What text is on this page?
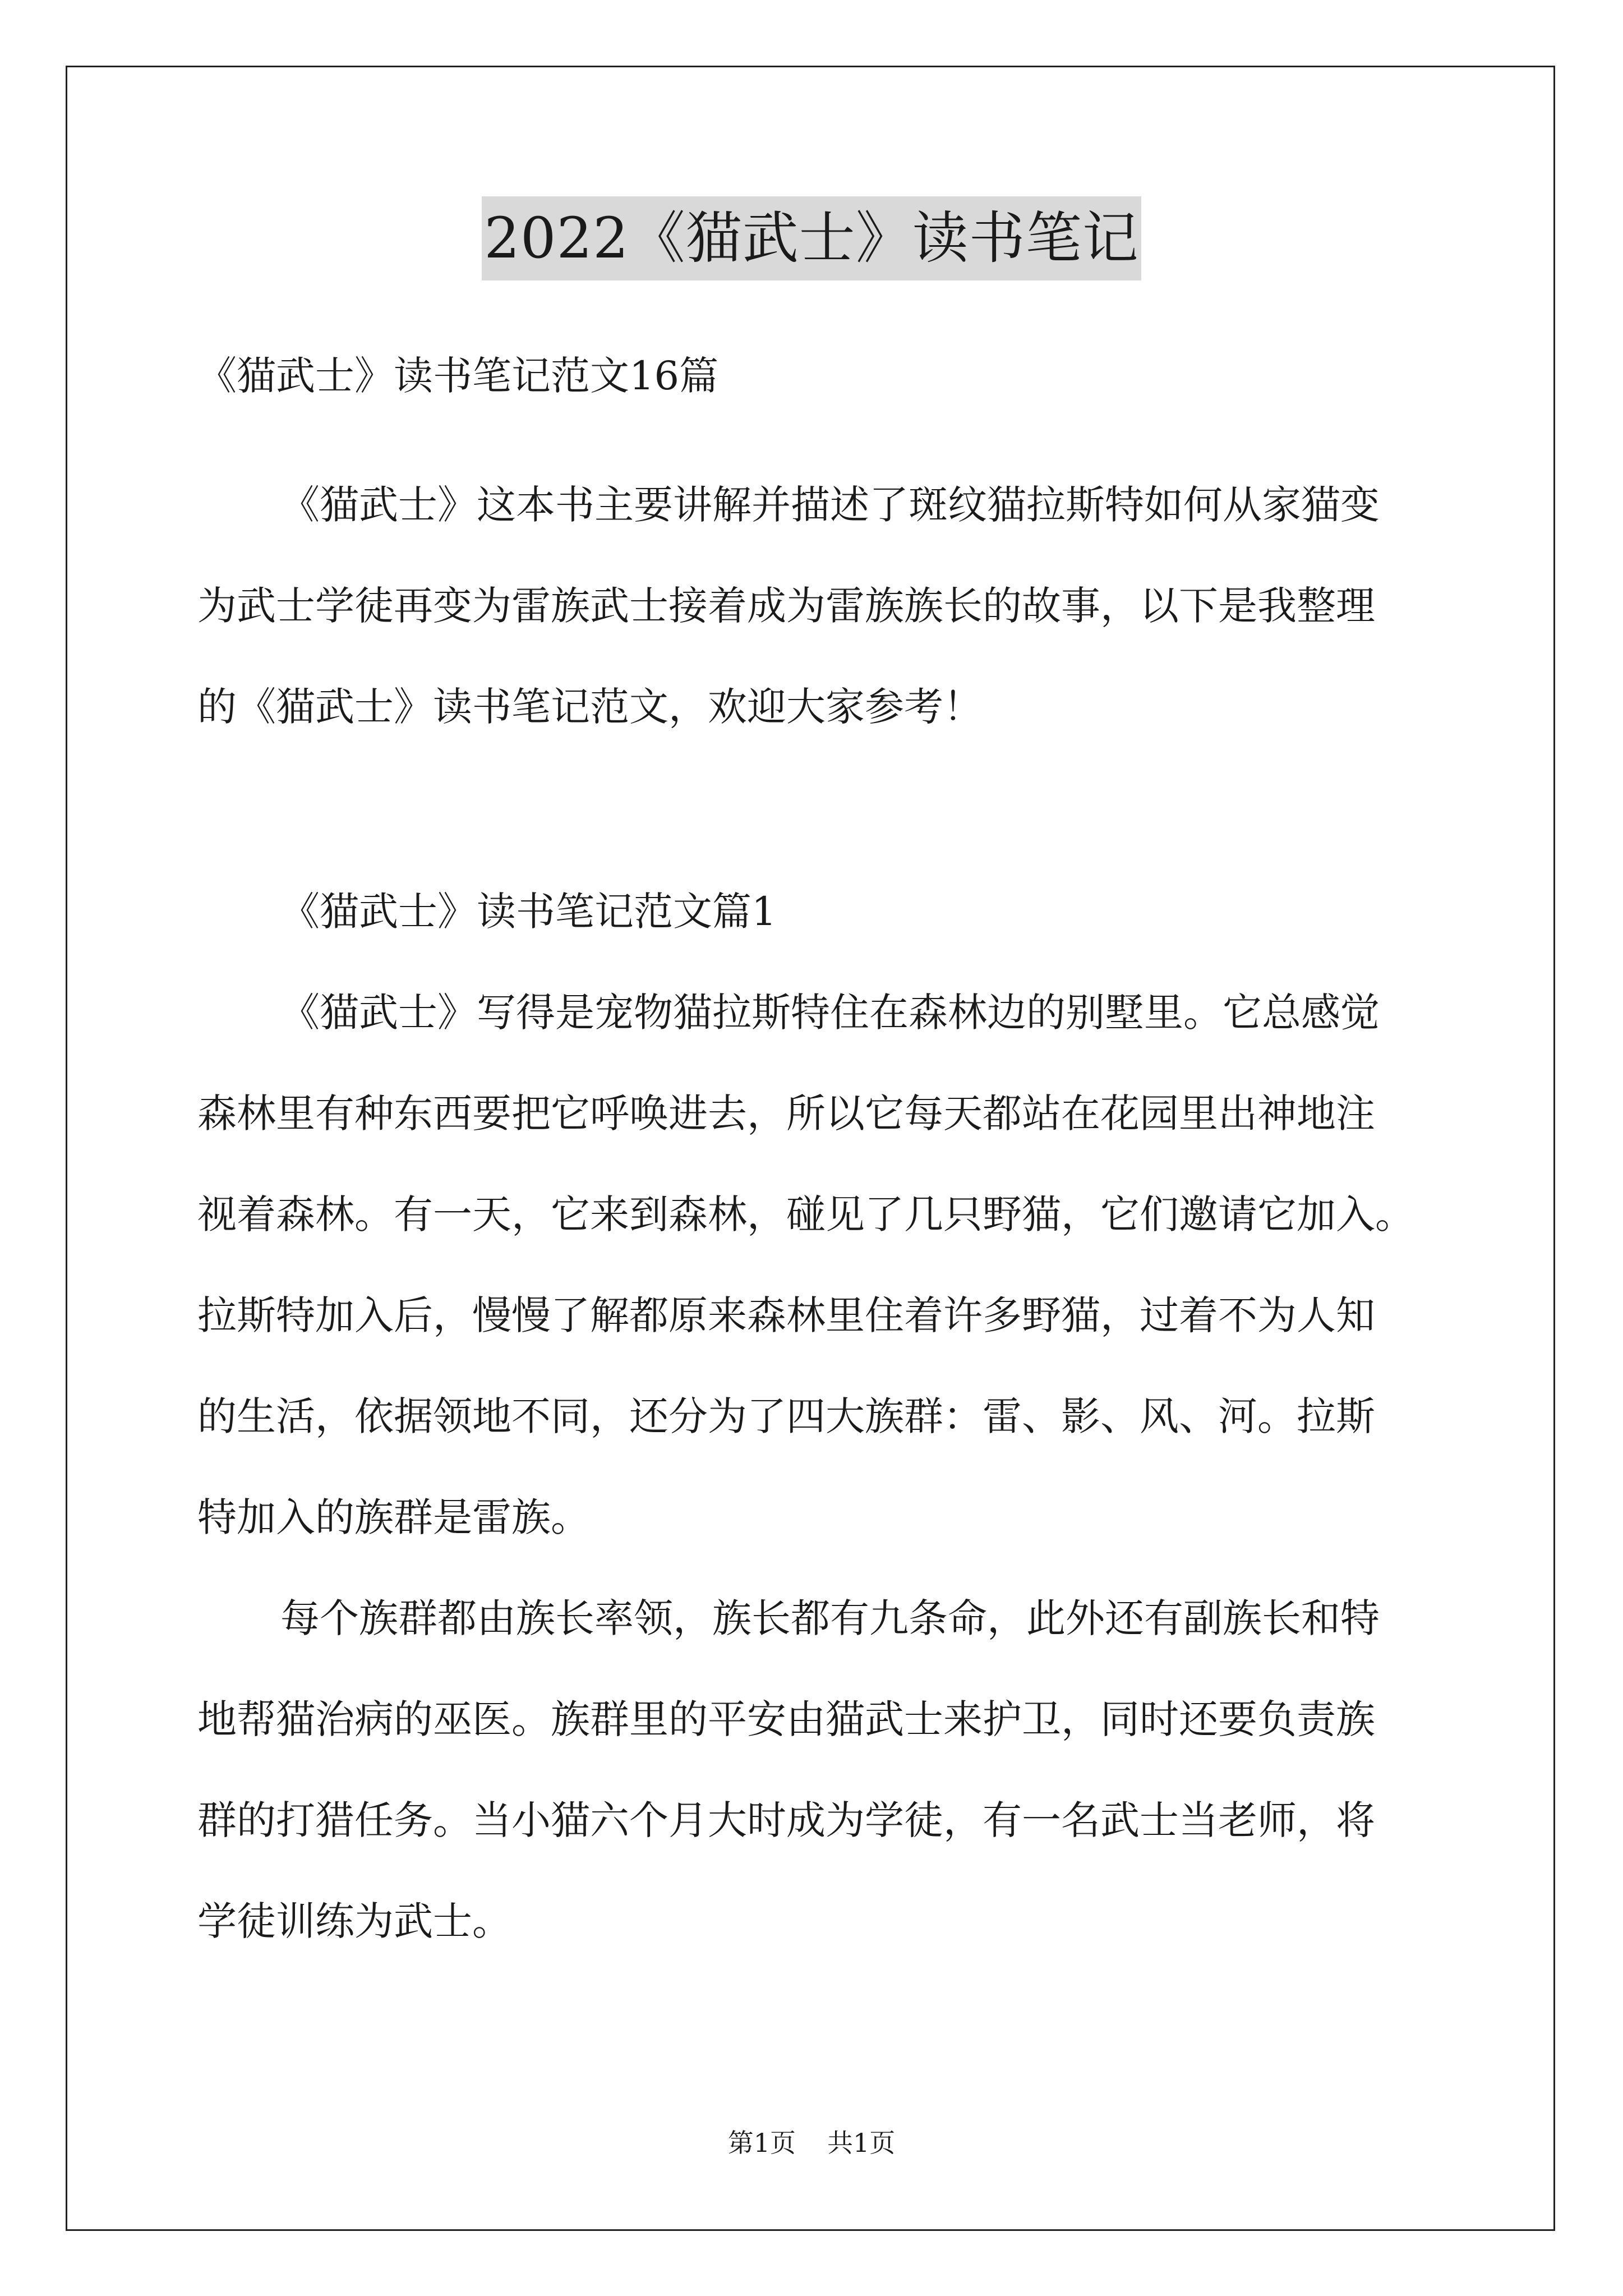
2022《猫武士》读书笔记
《猫武士》读书笔记范文16篇
《猫武士》这本书主要讲解并描述了斑纹猫拉斯特如何从家猫变
为武士学徒再变为雷族武士接着成为雷族族长的故事，以下是我整理
的《猫武士》读书笔记范文，欢迎大家参考！
《猫武士》读书笔记范文篇1
《猫武士》写得是宠物猫拉斯特住在森林边的别墅里。它总感觉
森林里有种东西要把它呼唤进去，所以它每天都站在花园里出神地注
视着森林。有一天，它来到森林，碰见了几只野猫，它们邀请它加入。
拉斯特加入后，慢慢了解都原来森林里住着许多野猫，过着不为人知
的生活，依据领地不同，还分为了四大族群：雷、影、风、河。拉斯
特加入的族群是雷族。
每个族群都由族长率领，族长都有九条命，此外还有副族长和特
地帮猫治病的巫医。族群里的平安由猫武士来护卫，同时还要负责族
群的打猎任务。当小猫六个月大时成为学徒，有一名武士当老师，将
学徒训练为武士。
第1页 共1页
